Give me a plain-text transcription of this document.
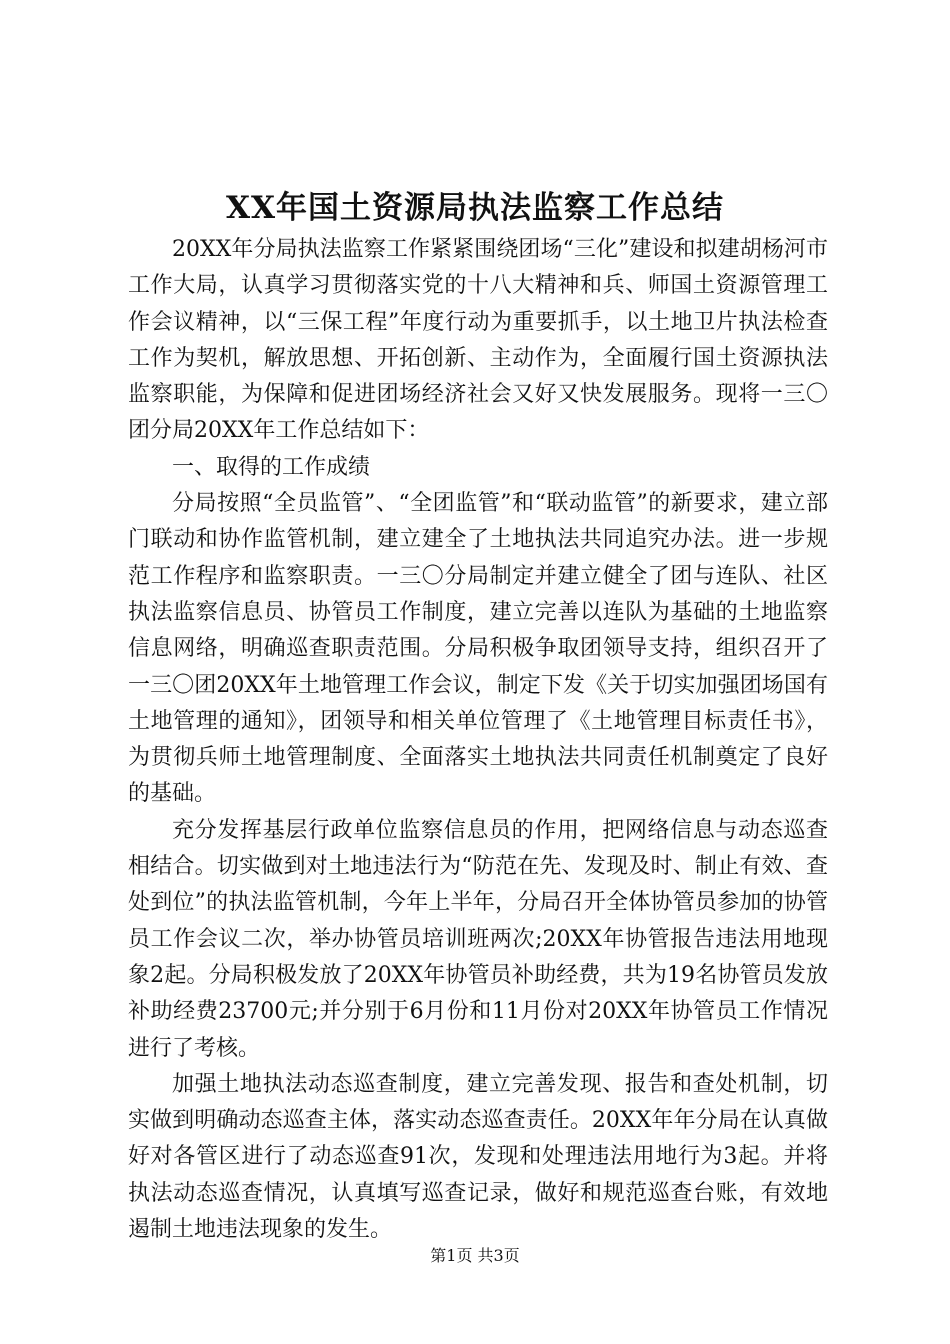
XX年国土资源局执法监察工作总结

20XX年分局执法监察工作紧紧围绕团场“三化”建设和拟建胡杨河市工作大局，认真学习贯彻落实党的十八大精神和兵、师国土资源管理工作会议精神，以“三保工程”年度行动为重要抓手，以土地卫片执法检查工作为契机，解放思想、开拓创新、主动作为，全面履行国土资源执法监察职能，为保障和促进团场经济社会又好又快发展服务。现将一三〇团分局20XX年工作总结如下：

一、取得的工作成绩

分局按照“全员监管”、“全团监管”和“联动监管”的新要求，建立部门联动和协作监管机制，建立建全了土地执法共同追究办法。进一步规范工作程序和监察职责。一三〇分局制定并建立健全了团与连队、社区执法监察信息员、协管员工作制度，建立完善以连队为基础的土地监察信息网络，明确巡查职责范围。分局积极争取团领导支持，组织召开了一三〇团20XX年土地管理工作会议，制定下发《关于切实加强团场国有土地管理的通知》，团领导和相关单位管理了《土地管理目标责任书》，为贯彻兵师土地管理制度、全面落实土地执法共同责任机制奠定了良好的基础。

充分发挥基层行政单位监察信息员的作用，把网络信息与动态巡查相结合。切实做到对土地违法行为“防范在先、发现及时、制止有效、查处到位”的执法监管机制，今年上半年，分局召开全体协管员参加的协管员工作会议二次，举办协管员培训班两次;20XX年协管报告违法用地现象2起。分局积极发放了20XX年协管员补助经费，共为19名协管员发放补助经费23700元;并分别于6月份和11月份对20XX年协管员工作情况进行了考核。

加强土地执法动态巡查制度，建立完善发现、报告和查处机制，切实做到明确动态巡查主体，落实动态巡查责任。20XX年年分局在认真做好对各管区进行了动态巡查91次，发现和处理违法用地行为3起。并将执法动态巡查情况，认真填写巡查记录，做好和规范巡查台账，有效地遏制土地违法现象的发生。

第1页 共3页
